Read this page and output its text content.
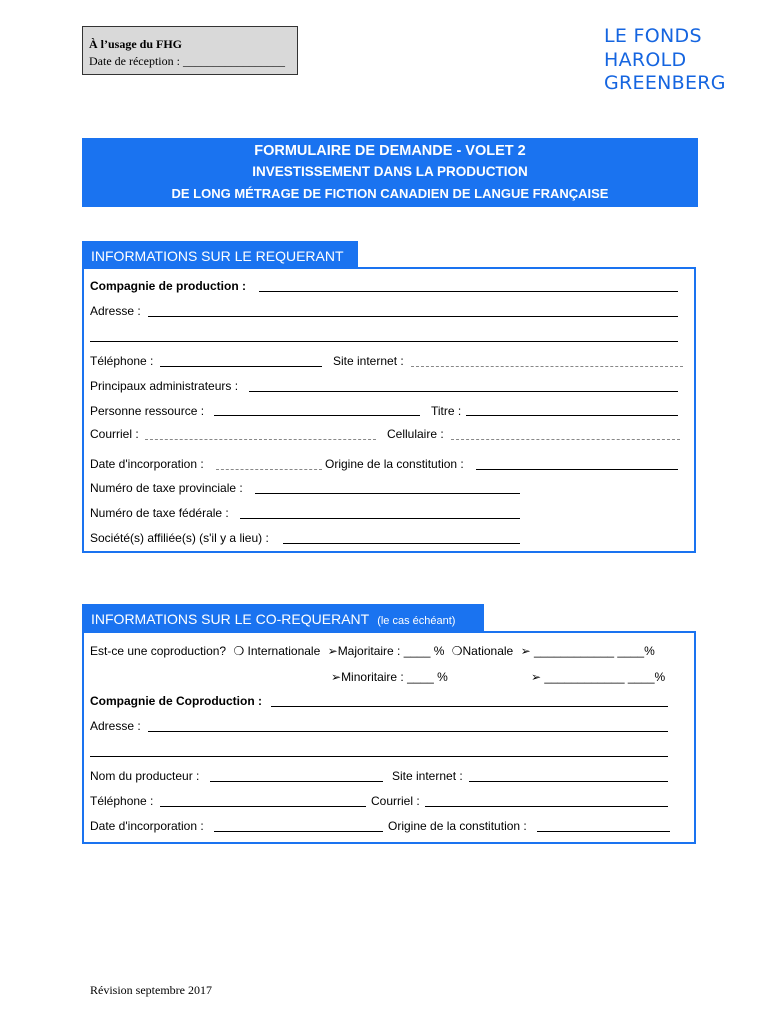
À l’usage du FHG
Date de réception : _________________
LE FONDS
HAROLD
GREENBERG
FORMULAIRE DE DEMANDE - VOLET 2
INVESTISSEMENT DANS LA PRODUCTION
DE LONG MÉTRAGE DE FICTION CANADIEN DE LANGUE FRANÇAISE
INFORMATIONS SUR LE REQUERANT
Compagnie de production :
Adresse :
Téléphone :	Site internet :
Principaux administrateurs :
Personne ressource :	Titre :
Courriel :	Cellulaire :
Date d'incorporation :	Origine de la constitution :
Numéro de taxe provinciale :
Numéro de taxe fédérale :
Société(s) affiliée(s) (s'il y a lieu) :
INFORMATIONS SUR LE CO-REQUERANT (le cas échéant)
Est-ce une coproduction? ❍ Internationale ➢Majoritaire : ____ % ❍Nationale ➢ ____________ ____%
➢Minoritaire : ____ %	➢ ____________ ____%
Compagnie de Coproduction :
Adresse :
Nom du producteur :	Site internet :
Téléphone :	Courriel :
Date d'incorporation :	Origine de la constitution :
Révision septembre 2017
